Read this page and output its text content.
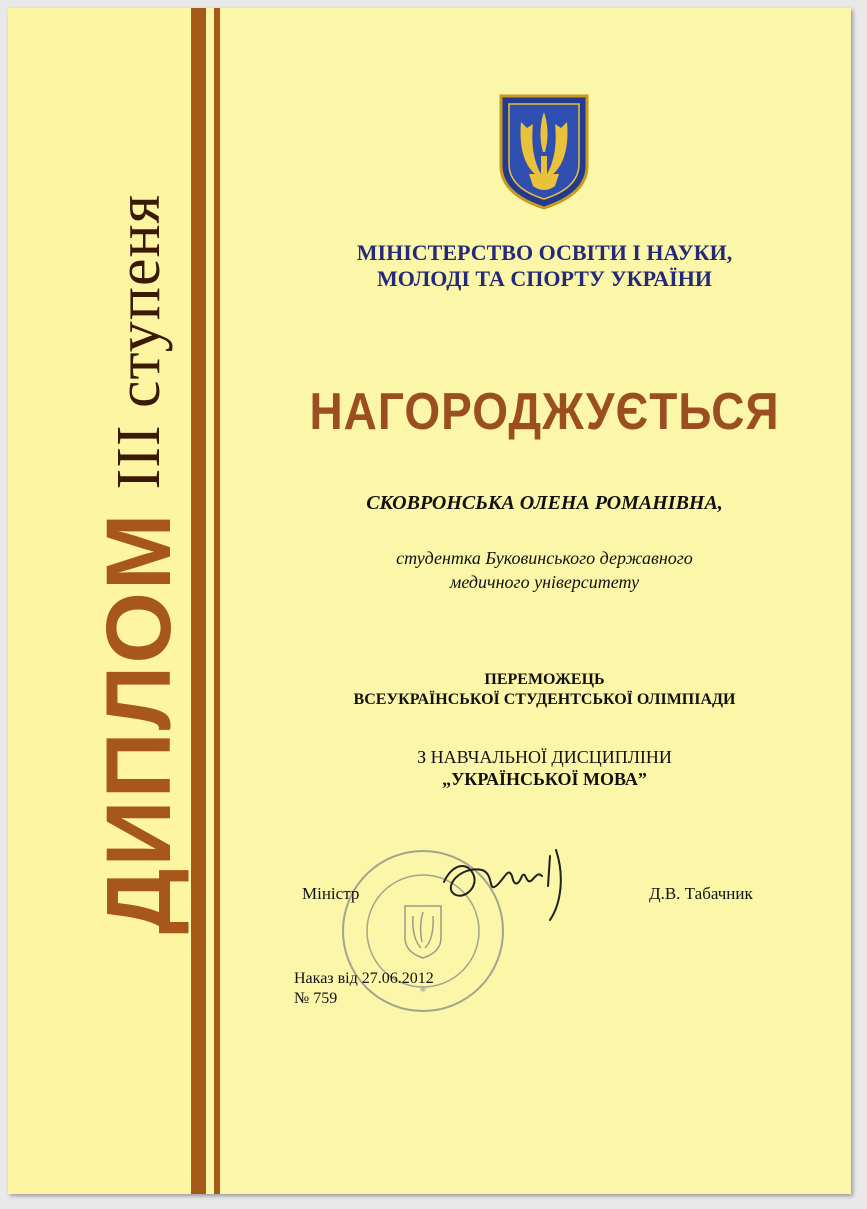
ДИПЛОМ
III ступеня	МІНІСТЕРСТВО ОСВІТИ І НАУКИ,
МОЛОДІ ТА СПОРТУ УКРАЇНИ
НАГОРОДЖУЄТЬСЯ
СКОВРОНСЬКА ОЛЕНА РОМАНІВНА,
студентка Буковинського державного
медичного університету
ПЕРЕМОЖЕЦЬ
ВСЕУКРАЇНСЬКОЇ СТУДЕНТСЬКОЇ ОЛІМПІАДИ
З НАВЧАЛЬНОЇ ДИСЦИПЛІНИ
„УКРАЇНСЬКОЇ МОВА”
*
Міністр	Д.В. Табачник
Наказ від 27.06.2012
№ 759
